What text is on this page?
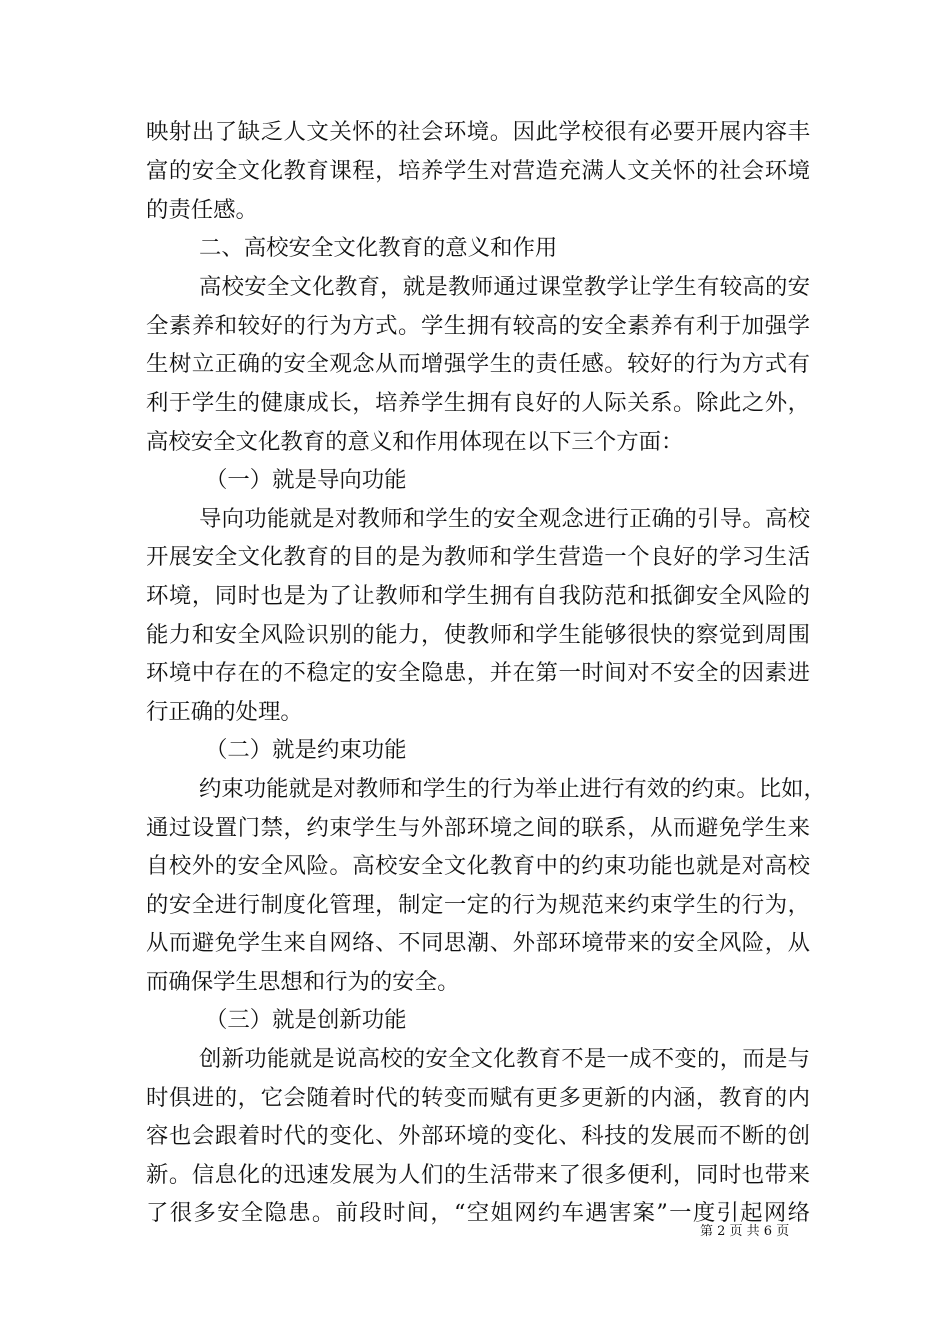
映射出了缺乏人文关怀的社会环境。因此学校很有必要开展内容丰
富的安全文化教育课程，培养学生对营造充满人文关怀的社会环境
的责任感。
二、高校安全文化教育的意义和作用
高校安全文化教育，就是教师通过课堂教学让学生有较高的安
全素养和较好的行为方式。学生拥有较高的安全素养有利于加强学
生树立正确的安全观念从而增强学生的责任感。较好的行为方式有
利于学生的健康成长，培养学生拥有良好的人际关系。除此之外，
高校安全文化教育的意义和作用体现在以下三个方面：
（一）就是导向功能
导向功能就是对教师和学生的安全观念进行正确的引导。高校
开展安全文化教育的目的是为教师和学生营造一个良好的学习生活
环境，同时也是为了让教师和学生拥有自我防范和抵御安全风险的
能力和安全风险识别的能力，使教师和学生能够很快的察觉到周围
环境中存在的不稳定的安全隐患，并在第一时间对不安全的因素进
行正确的处理。
（二）就是约束功能
约束功能就是对教师和学生的行为举止进行有效的约束。比如，
通过设置门禁，约束学生与外部环境之间的联系，从而避免学生来
自校外的安全风险。高校安全文化教育中的约束功能也就是对高校
的安全进行制度化管理，制定一定的行为规范来约束学生的行为，
从而避免学生来自网络、不同思潮、外部环境带来的安全风险，从
而确保学生思想和行为的安全。
（三）就是创新功能
创新功能就是说高校的安全文化教育不是一成不变的，而是与
时俱进的，它会随着时代的转变而赋有更多更新的内涵，教育的内
容也会跟着时代的变化、外部环境的变化、科技的发展而不断的创
新。信息化的迅速发展为人们的生活带来了很多便利，同时也带来
了很多安全隐患。前段时间，“空姐网约车遇害案”一度引起网络
第 2 页 共 6 页
